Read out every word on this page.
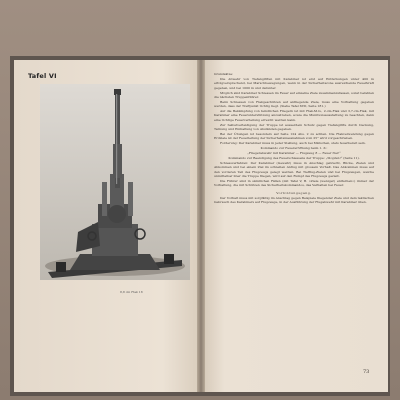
Tafel VI
8,8 cm Flak 18

Grundsätze:

Die Abwehr von Tiefangriffen mit Karabiner ist erst auf Entfernungen unter 400 m erfolgversprechend, bei Marschbewegungen, wenn in der Sicherheitszone ausreichende Feuerkraft gegeben, und bei 1000 m und darunter.

Möglich sind Karabiner Schiessen im Feuer auf einzelne Ziele zusammenzufassen, sonst befehlen die nächsten Truppenführer.

Beim Schiessen von Flakgeschützen auf anfliegende Ziele, muss eine Vorhaltung gegeben werden, dass der Treffpunkt richtig liegt. (Siehe Tafel XVII, Seite 181.)

Auf die Bekämpfung von feindlichen Fliegern ist mit Flak-M.G., 2-cm-Flak und 3,7-cm-Flak, mit Karabiner eine Feuerunterstützung anzustreben, sowie die Munitionsausstattung zu beachten, dann eine richtige Feuerverteilung erreicht werden kann.

Zur Selbstverteidigung der Truppe ist ausserdem Schutz gegen Tiefangriffe durch Deckung, Tarnung und Einhaltung von Abständen gegeben.

Bei der Übungen ist besonders auf Seite 124 Abs. 2 zu achten. Die Flakverwendung gegen Erdziele ist der Feuerleitung der Sicherheitsmassnahmen vom 25° wird vorgeschrieben.

Forderung: Der Karabiner muss in jeder Stellung, auch bei Märschen, stets feuerbereit sein.

Kommando zur Feuereröffnung beim 1. Z.:

„Fliegerabwehr mit Karabiner — Flugzeug 8 — Feuer frei!“

Kommando zur Beendigung des Feuerschiessens der Truppe: „Stopfen!“ (Seite 11).

Schiessverfahren: Der Karabiner (Gewehr) muss in Anschlag gebracht, Blicke, Zielen und Abkommen und bei einem Ziel im schnellen Anflug mit grossem Vorhalt. Das Abkommen muss auf den vorderen Teil des Flugzeugs gelegt werden. Bei Tiefflug-Zielen und bei Flugzeugen, welche unmittelbar über die Truppe fliegen, wird auf den Rumpf des Flugzeugs gezielt.

Die Führer sind in sämtlichen Fällen (mit Tafel V, B. »Ziele (weniger) entfernen«) immer der Vorhaltung, die mit Schützen des Sicherheitskommandos, das Verhalten bei Feuer.

Vorbildungsgang.

Der Vorhalt muss mit sorgfältig im Anschlag gegen Beispiele fliegender Ziele und dem taktischen Gebrauch des Karabiners auf Flugzeuge, in der Ausführung der Flugabwehr mit Karabiner üben.

73
